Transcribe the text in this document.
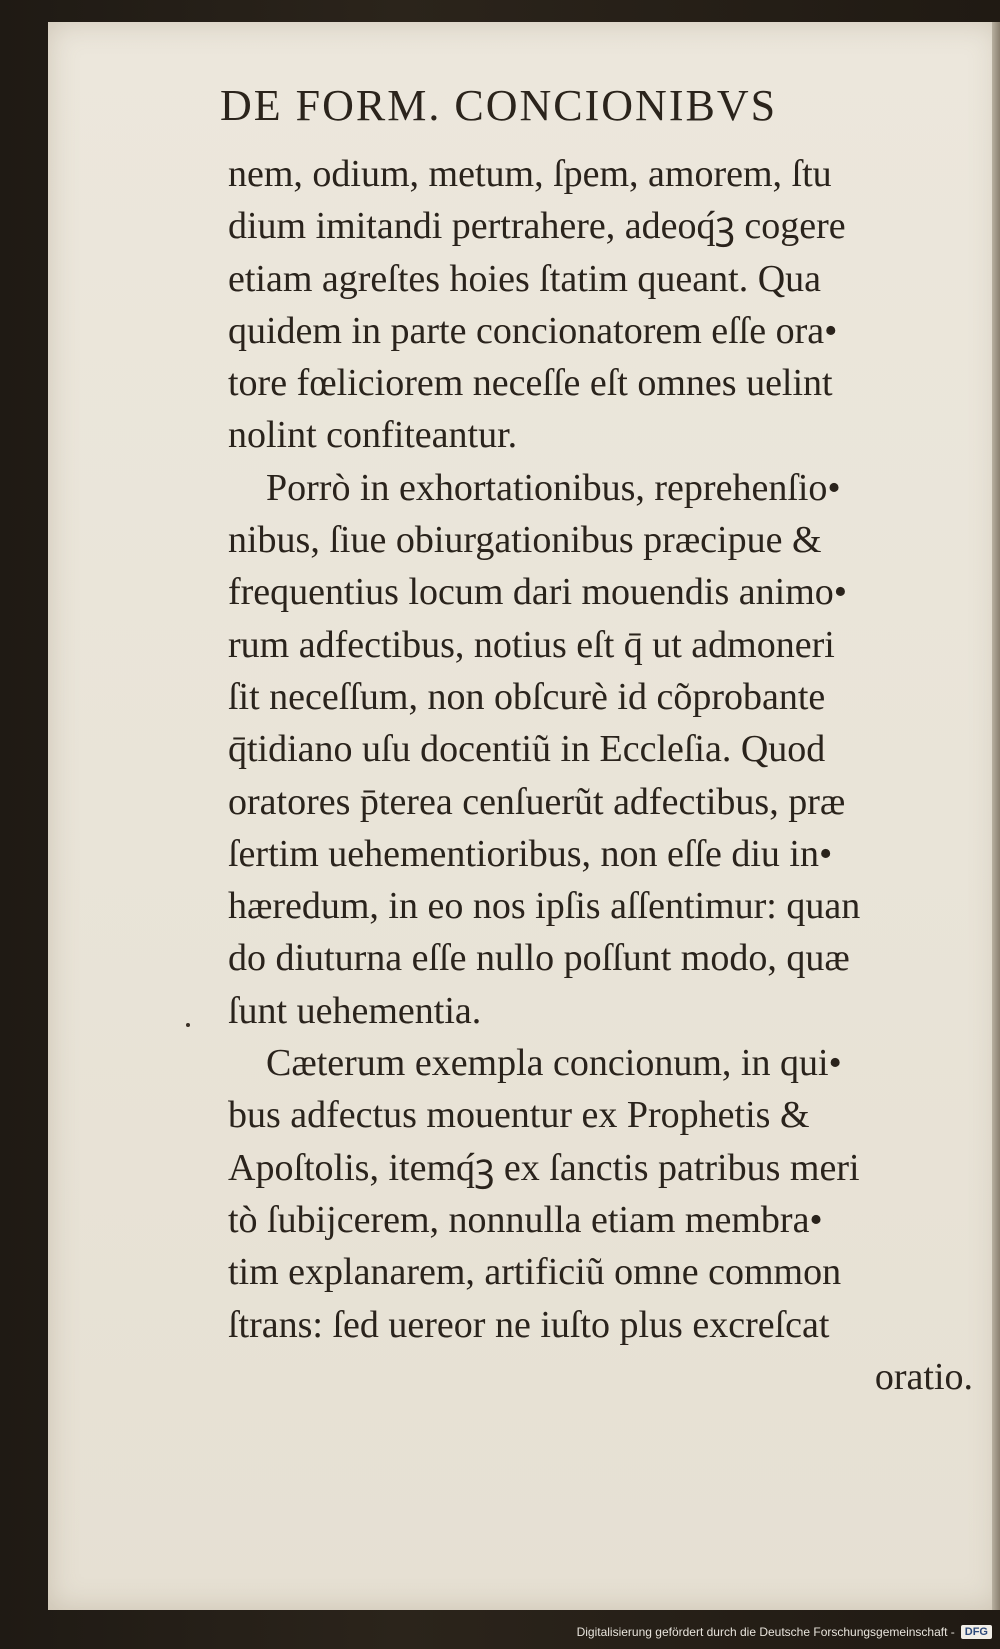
DE FORM. CONCIONIBVS
nem, odium, metum, ſpem, amorem, ſtu
dium imitandi pertrahere, adeoq́ꝫ cogere
etiam agreſtes hoies ſtatim queant. Qua
quidem in parte concionatorem eſſe ora•
tore fœliciorem neceſſe eſt omnes uelint
nolint confiteantur.
Porrò in exhortationibus, reprehenſio•
nibus, ſiue obiurgationibus præcipue &
frequentius locum dari mouendis animo•
rum adfectibus, notius eſt q̄ ut admoneri
ſit neceſſum, non obſcurè id cõprobante
q̄tidiano uſu docentiũ in Eccleſia. Quod
oratores p̄terea cenſuerũt adfectibus, præ
ſertim uehementioribus, non eſſe diu in•
hæredum, in eo nos ipſis aſſentimur: quan
do diuturna eſſe nullo poſſunt modo, quæ
ſunt uehementia.
Cæterum exempla concionum, in qui•
bus adfectus mouentur ex Prophetis &
Apoſtolis, itemq́ꝫ ex ſanctis patribus meri
tò ſubijcerem, nonnulla etiam membra•
tim explanarem, artificiũ omne common
ſtrans: ſed uereor ne iuſto plus excreſcat
oratio.
Digitalisierung gefördert durch die Deutsche Forschungsgemeinschaft - DFG
